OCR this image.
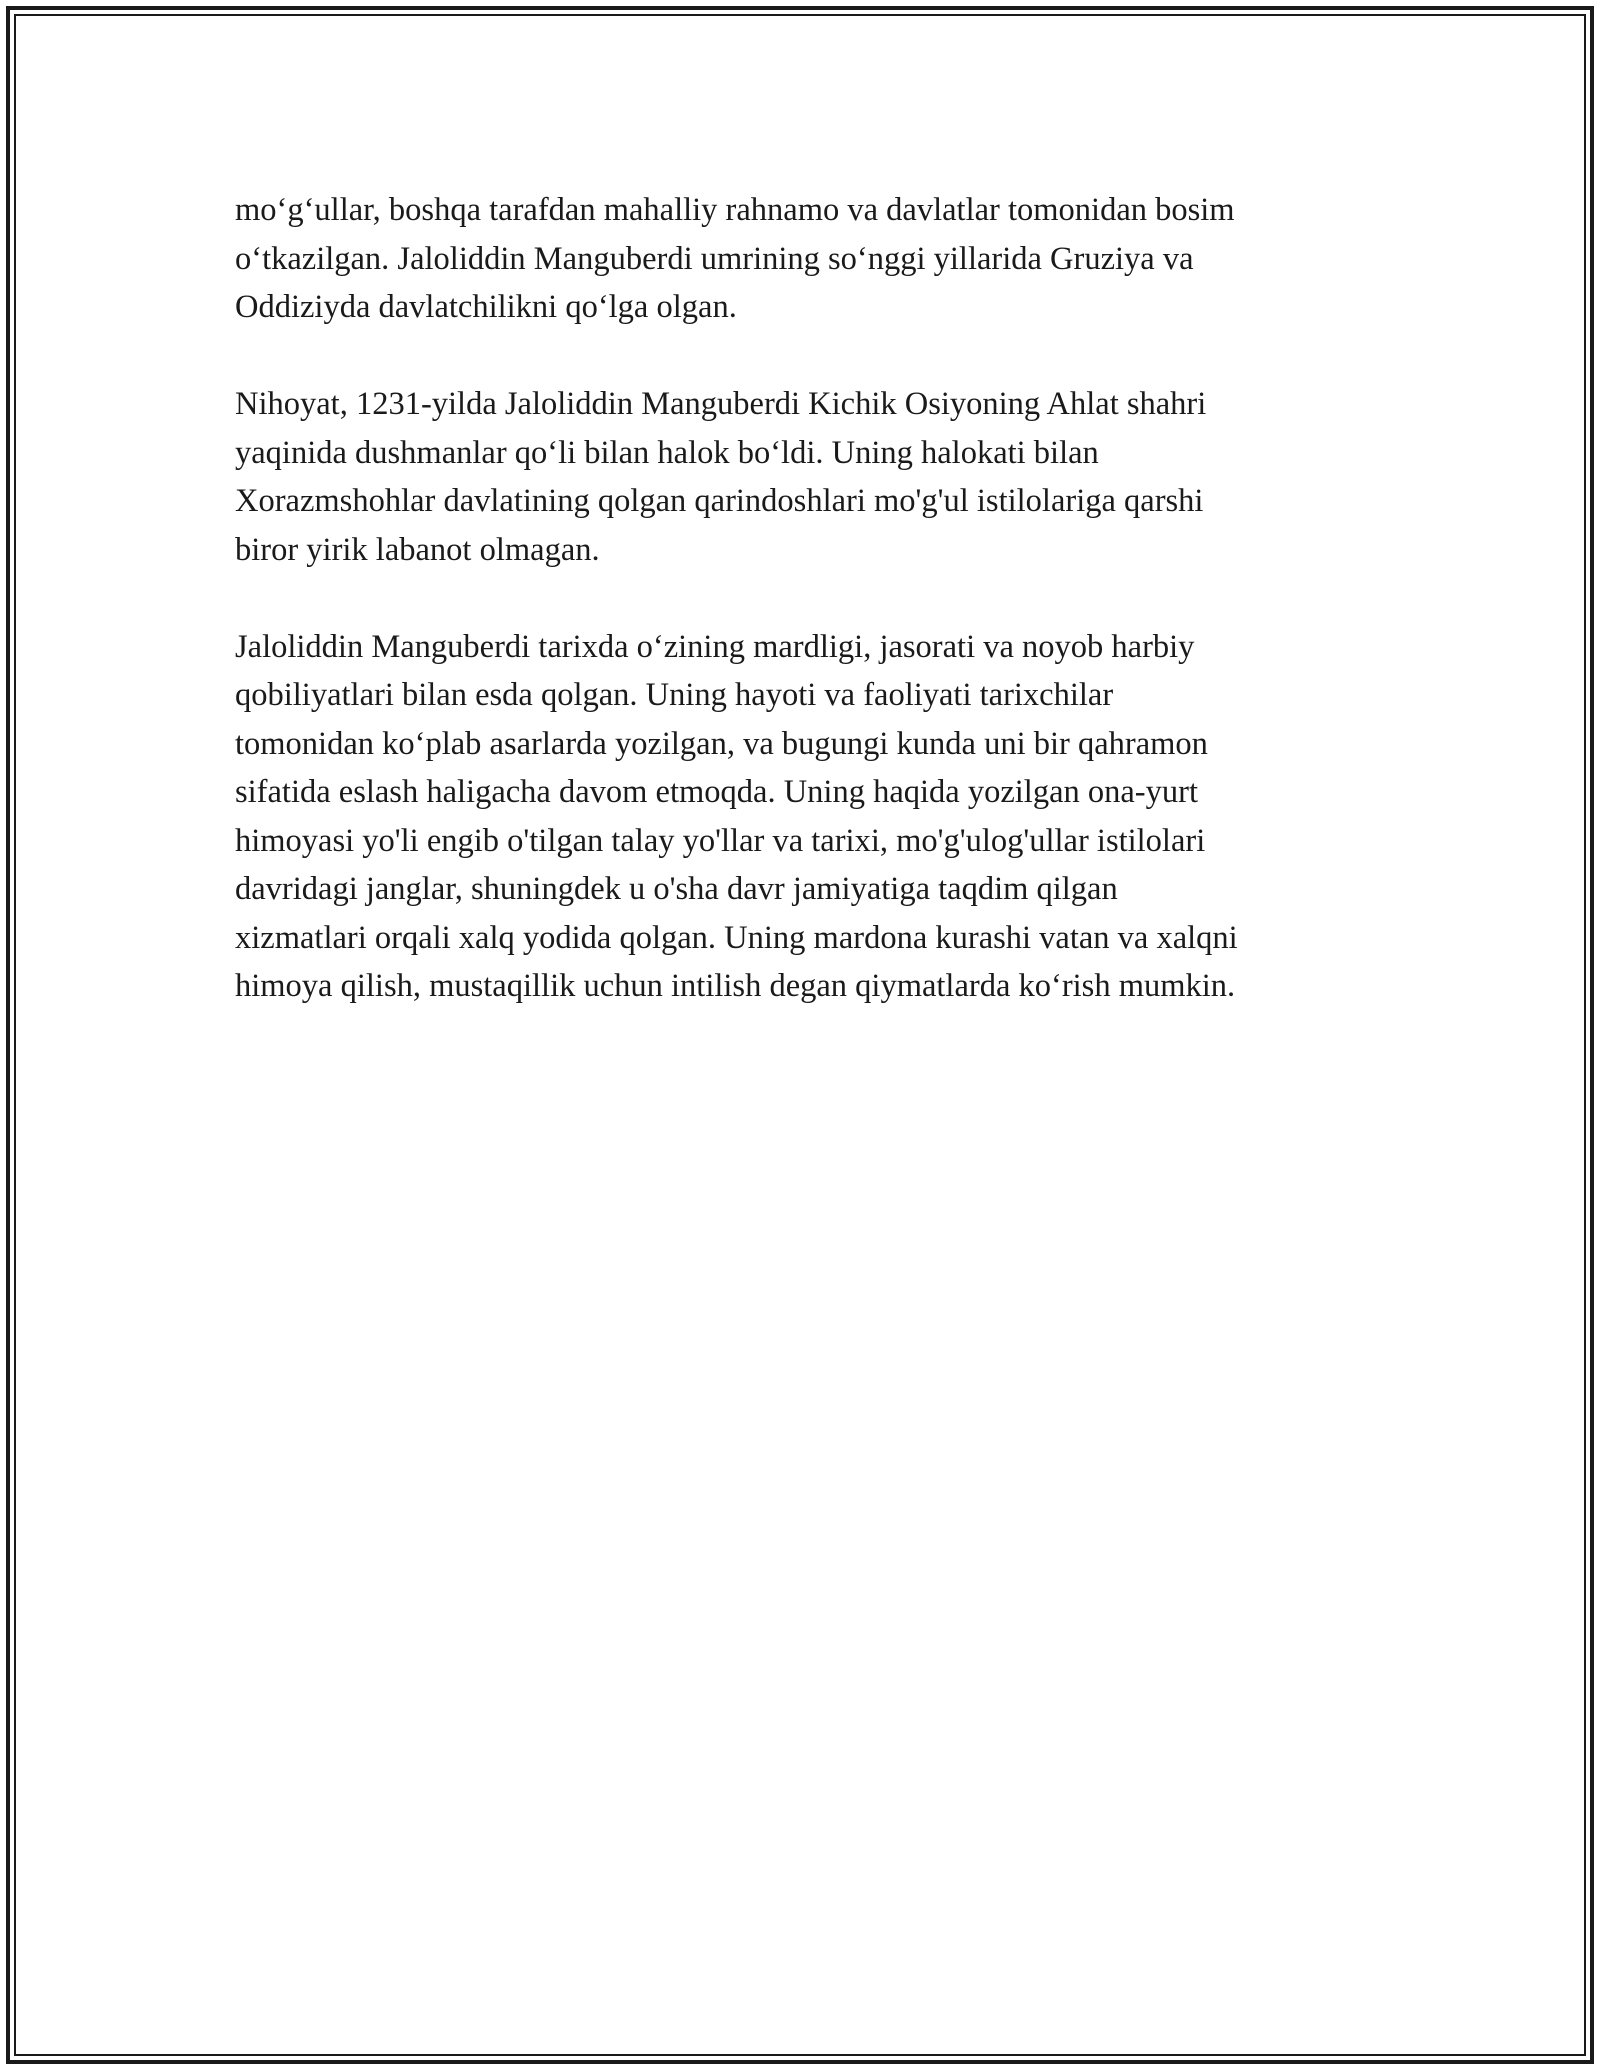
mo‘g‘ullar, boshqa tarafdan mahalliy rahnamo va davlatlar tomonidan bosim
o‘tkazilgan. Jaloliddin Manguberdi umrining so‘nggi yillarida Gruziya va
Oddiziyda davlatchilikni qo‘lga olgan.

Nihoyat, 1231-yilda Jaloliddin Manguberdi Kichik Osiyoning Ahlat shahri
yaqinida dushmanlar qo‘li bilan halok bo‘ldi. Uning halokati bilan
Xorazmshohlar davlatining qolgan qarindoshlari mo'g'ul istilolariga qarshi
biror yirik labanot olmagan.

Jaloliddin Manguberdi tarixda o‘zining mardligi, jasorati va noyob harbiy
qobiliyatlari bilan esda qolgan. Uning hayoti va faoliyati tarixchilar
tomonidan ko‘plab asarlarda yozilgan, va bugungi kunda uni bir qahramon
sifatida eslash haligacha davom etmoqda. Uning haqida yozilgan ona-yurt
himoyasi yo'li engib o'tilgan talay yo'llar va tarixi, mo'g'ulog'ullar istilolari
davridagi janglar, shuningdek u o'sha davr jamiyatiga taqdim qilgan
xizmatlari orqali xalq yodida qolgan. Uning mardona kurashi vatan va xalqni
himoya qilish, mustaqillik uchun intilish degan qiymatlarda ko‘rish mumkin.
